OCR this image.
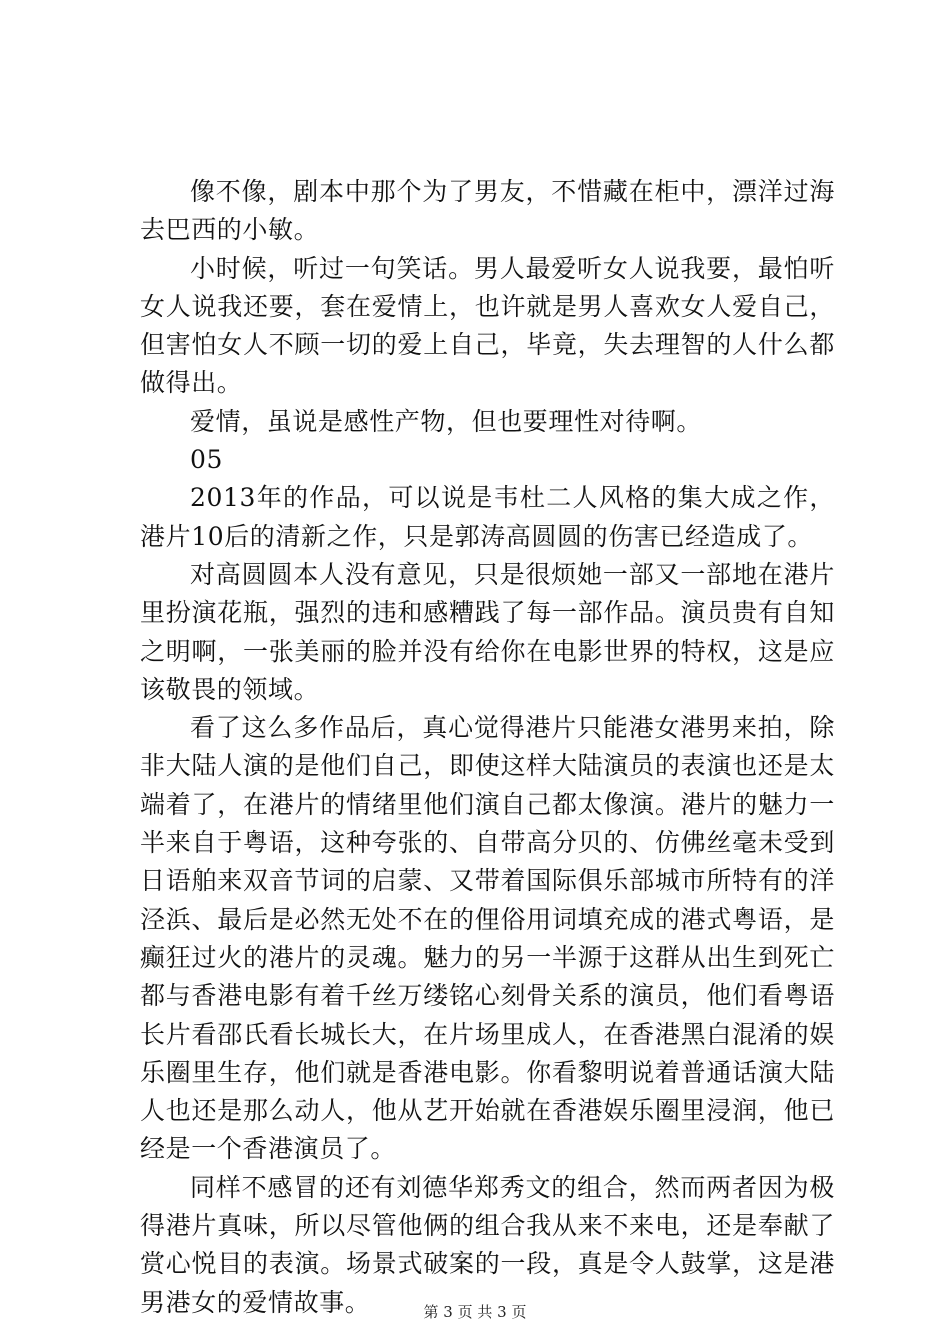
像不像，剧本中那个为了男友，不惜藏在柜中，漂洋过海去巴西的小敏。

小时候，听过一句笑话。男人最爱听女人说我要，最怕听女人说我还要，套在爱情上，也许就是男人喜欢女人爱自己，但害怕女人不顾一切的爱上自己，毕竟，失去理智的人什么都做得出。

爱情，虽说是感性产物，但也要理性对待啊。

05

2013年的作品，可以说是韦杜二人风格的集大成之作，港片10后的清新之作，只是郭涛高圆圆的伤害已经造成了。

对高圆圆本人没有意见，只是很烦她一部又一部地在港片里扮演花瓶，强烈的违和感糟践了每一部作品。演员贵有自知之明啊，一张美丽的脸并没有给你在电影世界的特权，这是应该敬畏的领域。

看了这么多作品后，真心觉得港片只能港女港男来拍，除非大陆人演的是他们自己，即使这样大陆演员的表演也还是太端着了，在港片的情绪里他们演自己都太像演。港片的魅力一半来自于粤语，这种夸张的、自带高分贝的、仿佛丝毫未受到日语舶来双音节词的启蒙、又带着国际俱乐部城市所特有的洋泾浜、最后是必然无处不在的俚俗用词填充成的港式粤语，是癫狂过火的港片的灵魂。魅力的另一半源于这群从出生到死亡都与香港电影有着千丝万缕铭心刻骨关系的演员，他们看粤语长片看邵氏看长城长大，在片场里成人，在香港黑白混淆的娱乐圈里生存，他们就是香港电影。你看黎明说着普通话演大陆人也还是那么动人，他从艺开始就在香港娱乐圈里浸润，他已经是一个香港演员了。

同样不感冒的还有刘德华郑秀文的组合，然而两者因为极得港片真味，所以尽管他俩的组合我从来不来电，还是奉献了赏心悦目的表演。场景式破案的一段，真是令人鼓掌，这是港男港女的爱情故事。	第 3 页 共 3 页
